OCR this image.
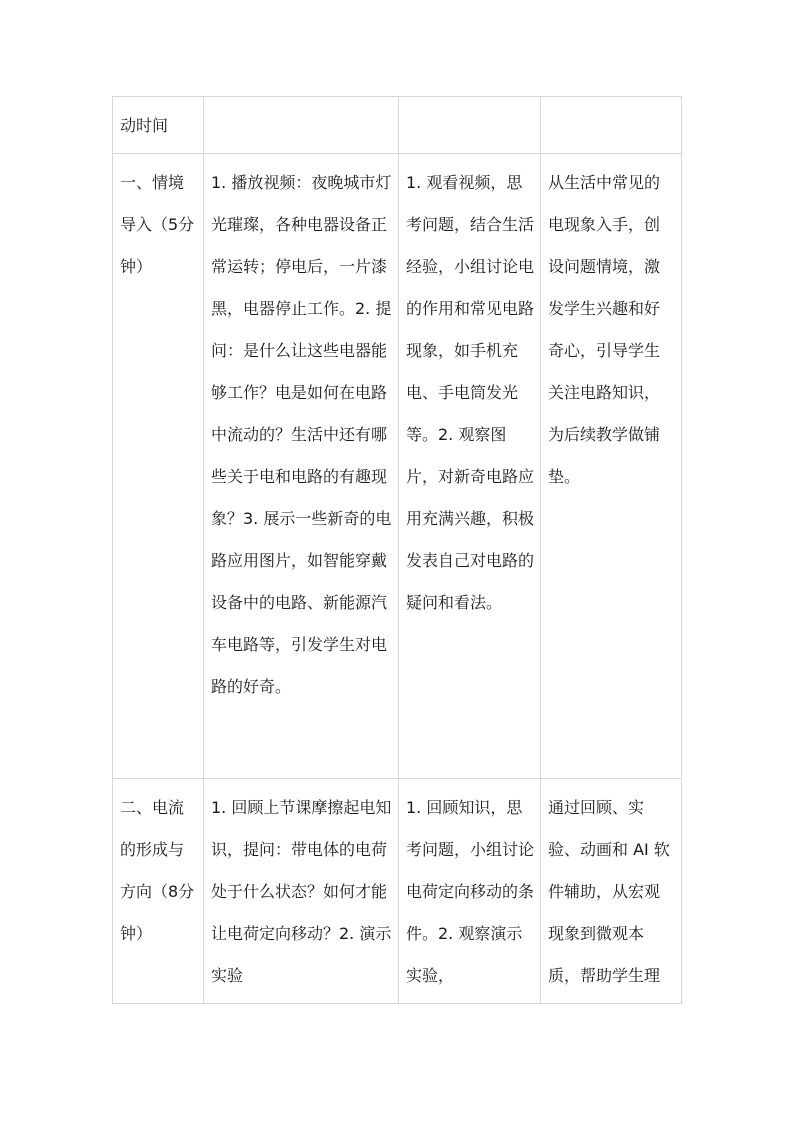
动时间			
一、情境导入（5分钟）	1. 播放视频：夜晚城市灯光璀璨，各种电器设备正常运转；停电后，一片漆黑，电器停止工作。2. 提问：是什么让这些电器能够工作？电是如何在电路中流动的？生活中还有哪些关于电和电路的有趣现象？3. 展示一些新奇的电路应用图片，如智能穿戴设备中的电路、新能源汽车电路等，引发学生对电路的好奇。	1. 观看视频，思考问题，结合生活经验，小组讨论电的作用和常见电路现象，如手机充电、手电筒发光等。2. 观察图片，对新奇电路应用充满兴趣，积极发表自己对电路的疑问和看法。	从生活中常见的电现象入手，创设问题情境，激发学生兴趣和好奇心，引导学生关注电路知识，为后续教学做铺垫。
二、电流的形成与方向（8分钟）	1. 回顾上节课摩擦起电知识，提问：带电体的电荷处于什么状态？如何才能让电荷定向移动？2. 演示实验	1. 回顾知识，思考问题，小组讨论电荷定向移动的条件。2. 观察演示实验，	通过回顾、实验、动画和 AI 软件辅助，从宏观现象到微观本质，帮助学生理
